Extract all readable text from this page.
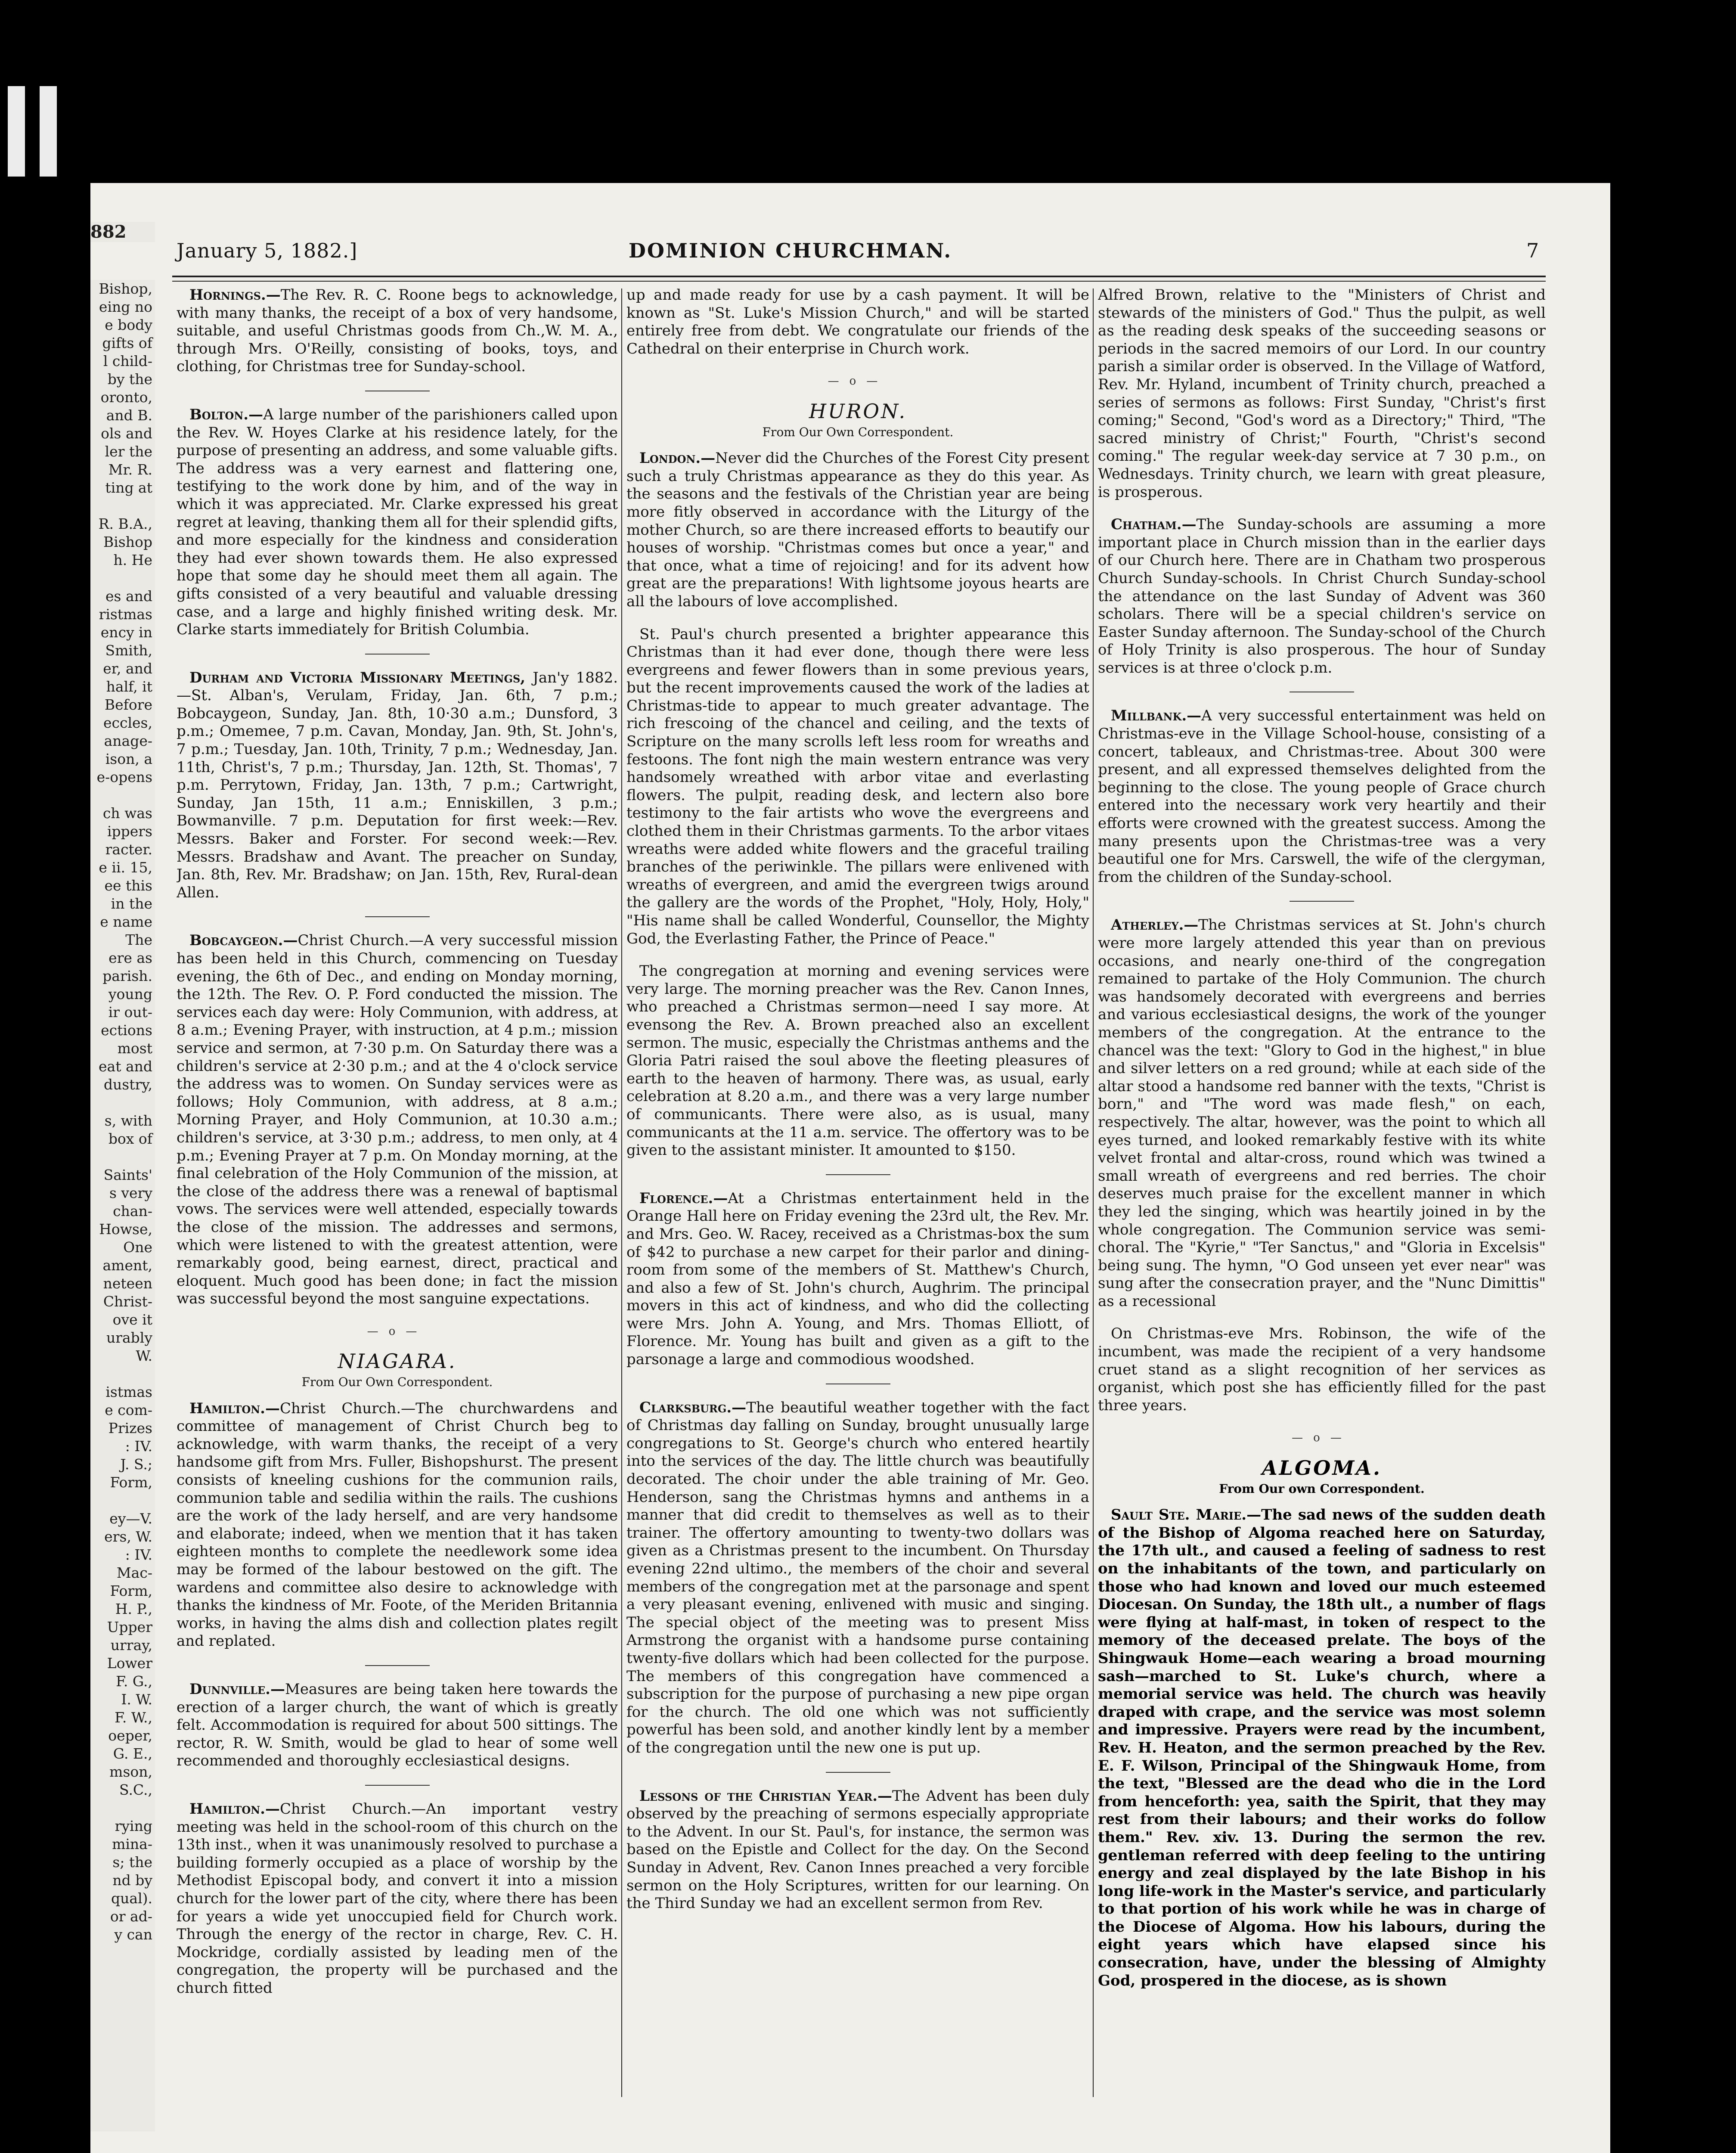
882
Bishop,
eing no
e body
gifts of
l child-
by the
oronto,
and B.
ols and
ler the
Mr. R.
ting at

R. B.A.,
Bishop
h. He

es and
ristmas
ency in
Smith,
er, and
half, it
Before
eccles,
anage-
ison, a
e-opens

ch was
ippers
racter.
e ii. 15,
ee this
in the
e name
The
ere as
parish.
young
ir out-
ections
most
eat and
dustry,

s, with
box of

Saints'
s very
chan-
Howse,
One
ament,
neteen
Christ-
ove it
urably
W.

istmas
e com-
Prizes
: IV.
J. S.;
Form,

ey—V.
ers, W.
: IV.
Mac-
Form,
H. P.,
Upper
urray,
Lower
F. G.,
I. W.
F. W.,
oeper,
G. E.,
mson,
S.C.,

rying
mina-
s; the
nd by
qual).
or ad-
y can
January 5, 1882.]	DOMINION CHURCHMAN.	7

Hornings.—The Rev. R. C. Roone begs to acknowledge, with many thanks, the receipt of a box of very handsome, suitable, and useful Christmas goods from Ch.,W. M. A., through Mrs. O'Reilly, consisting of books, toys, and clothing, for Christmas tree for Sunday-school.

Bolton.—A large number of the parishioners called upon the Rev. W. Hoyes Clarke at his residence lately, for the purpose of presenting an address, and some valuable gifts. The address was a very earnest and flattering one, testifying to the work done by him, and of the way in which it was appreciated. Mr. Clarke expressed his great regret at leaving, thanking them all for their splendid gifts, and more especially for the kindness and consideration they had ever shown towards them. He also expressed hope that some day he should meet them all again. The gifts consisted of a very beautiful and valuable dressing case, and a large and highly finished writing desk. Mr. Clarke starts immediately for British Columbia.

Durham and Victoria Missionary Meetings, Jan'y 1882.—St. Alban's, Verulam, Friday, Jan. 6th, 7 p.m.; Bobcaygeon, Sunday, Jan. 8th, 10·30 a.m.; Dunsford, 3 p.m.; Omemee, 7 p.m. Cavan, Monday, Jan. 9th, St. John's, 7 p.m.; Tuesday, Jan. 10th, Trinity, 7 p.m.; Wednesday, Jan. 11th, Christ's, 7 p.m.; Thursday, Jan. 12th, St. Thomas', 7 p.m. Perrytown, Friday, Jan. 13th, 7 p.m.; Cartwright, Sunday, Jan 15th, 11 a.m.; Enniskillen, 3 p.m.; Bowmanville. 7 p.m. Deputation for first week:—Rev. Messrs. Baker and Forster. For second week:—Rev. Messrs. Bradshaw and Avant. The preacher on Sunday, Jan. 8th, Rev. Mr. Bradshaw; on Jan. 15th, Rev, Rural-dean Allen.

Bobcaygeon.—Christ Church.—A very successful mission has been held in this Church, commencing on Tuesday evening, the 6th of Dec., and ending on Monday morning, the 12th. The Rev. O. P. Ford conducted the mission. The services each day were: Holy Communion, with address, at 8 a.m.; Evening Prayer, with instruction, at 4 p.m.; mission service and sermon, at 7·30 p.m. On Saturday there was a children's service at 2·30 p.m.; and at the 4 o'clock service the address was to women. On Sunday services were as follows; Holy Communion, with address, at 8 a.m.; Morning Prayer, and Holy Communion, at 10.30 a.m.; children's service, at 3·30 p.m.; address, to men only, at 4 p.m.; Evening Prayer at 7 p.m. On Monday morning, at the final celebration of the Holy Communion of the mission, at the close of the address there was a renewal of baptismal vows. The services were well attended, especially towards the close of the mission. The addresses and sermons, which were listened to with the greatest attention, were remarkably good, being earnest, direct, practical and eloquent. Much good has been done; in fact the mission was successful beyond the most sanguine expectations.

—o—
NIAGARA.
From Our Own Correspondent.

Hamilton.—Christ Church.—The churchwardens and committee of management of Christ Church beg to acknowledge, with warm thanks, the receipt of a very handsome gift from Mrs. Fuller, Bishopshurst. The present consists of kneeling cushions for the communion rails, communion table and sedilia within the rails. The cushions are the work of the lady herself, and are very handsome and elaborate; indeed, when we mention that it has taken eighteen months to complete the needlework some idea may be formed of the labour bestowed on the gift. The wardens and committee also desire to acknowledge with thanks the kindness of Mr. Foote, of the Meriden Britannia works, in having the alms dish and collection plates regilt and replated.

Dunnville.—Measures are being taken here towards the erection of a larger church, the want of which is greatly felt. Accommodation is required for about 500 sittings. The rector, R. W. Smith, would be glad to hear of some well recommended and thoroughly ecclesiastical designs.

Hamilton.—Christ Church.—An important vestry meeting was held in the school-room of this church on the 13th inst., when it was unanimously resolved to purchase a building formerly occupied as a place of worship by the Methodist Episcopal body, and convert it into a mission church for the lower part of the city, where there has been for years a wide yet unoccupied field for Church work. Through the energy of the rector in charge, Rev. C. H. Mockridge, cordially assisted by leading men of the congregation, the property will be purchased and the church fitted

up and made ready for use by a cash payment. It will be known as "St. Luke's Mission Church," and will be started entirely free from debt. We congratulate our friends of the Cathedral on their enterprise in Church work.

—o—
HURON.
From Our Own Correspondent.

London.—Never did the Churches of the Forest City present such a truly Christmas appearance as they do this year. As the seasons and the festivals of the Christian year are being more fitly observed in accordance with the Liturgy of the mother Church, so are there increased efforts to beautify our houses of worship. "Christmas comes but once a year," and that once, what a time of rejoicing! and for its advent how great are the preparations! With lightsome joyous hearts are all the labours of love accomplished.

St. Paul's church presented a brighter appearance this Christmas than it had ever done, though there were less evergreens and fewer flowers than in some previous years, but the recent improvements caused the work of the ladies at Christmas-tide to appear to much greater advantage. The rich frescoing of the chancel and ceiling, and the texts of Scripture on the many scrolls left less room for wreaths and festoons. The font nigh the main western entrance was very handsomely wreathed with arbor vitae and everlasting flowers. The pulpit, reading desk, and lectern also bore testimony to the fair artists who wove the evergreens and clothed them in their Christmas garments. To the arbor vitaes wreaths were added white flowers and the graceful trailing branches of the periwinkle. The pillars were enlivened with wreaths of evergreen, and amid the evergreen twigs around the gallery are the words of the Prophet, "Holy, Holy, Holy," "His name shall be called Wonderful, Counsellor, the Mighty God, the Everlasting Father, the Prince of Peace."

The congregation at morning and evening services were very large. The morning preacher was the Rev. Canon Innes, who preached a Christmas sermon—need I say more. At evensong the Rev. A. Brown preached also an excellent sermon. The music, especially the Christmas anthems and the Gloria Patri raised the soul above the fleeting pleasures of earth to the heaven of harmony. There was, as usual, early celebration at 8.20 a.m., and there was a very large number of communicants. There were also, as is usual, many communicants at the 11 a.m. service. The offertory was to be given to the assistant minister. It amounted to $150.

Florence.—At a Christmas entertainment held in the Orange Hall here on Friday evening the 23rd ult, the Rev. Mr. and Mrs. Geo. W. Racey, received as a Christmas-box the sum of $42 to purchase a new carpet for their parlor and dining-room from some of the members of St. Matthew's Church, and also a few of St. John's church, Aughrim. The principal movers in this act of kindness, and who did the collecting were Mrs. John A. Young, and Mrs. Thomas Elliott, of Florence. Mr. Young has built and given as a gift to the parsonage a large and commodious woodshed.

Clarksburg.—The beautiful weather together with the fact of Christmas day falling on Sunday, brought unusually large congregations to St. George's church who entered heartily into the services of the day. The little church was beautifully decorated. The choir under the able training of Mr. Geo. Henderson, sang the Christmas hymns and anthems in a manner that did credit to themselves as well as to their trainer. The offertory amounting to twenty-two dollars was given as a Christmas present to the incumbent. On Thursday evening 22nd ultimo., the members of the choir and several members of the congregation met at the parsonage and spent a very pleasant evening, enlivened with music and singing. The special object of the meeting was to present Miss Armstrong the organist with a handsome purse containing twenty-five dollars which had been collected for the purpose. The members of this congregation have commenced a subscription for the purpose of purchasing a new pipe organ for the church. The old one which was not sufficiently powerful has been sold, and another kindly lent by a member of the congregation until the new one is put up.

Lessons of the Christian Year.—The Advent has been duly observed by the preaching of sermons especially appropriate to the Advent. In our St. Paul's, for instance, the sermon was based on the Epistle and Collect for the day. On the Second Sunday in Advent, Rev. Canon Innes preached a very forcible sermon on the Holy Scriptures, written for our learning. On the Third Sunday we had an excellent sermon from Rev.

Alfred Brown, relative to the "Ministers of Christ and stewards of the ministers of God." Thus the pulpit, as well as the reading desk speaks of the succeeding seasons or periods in the sacred memoirs of our Lord. In our country parish a similar order is observed. In the Village of Watford, Rev. Mr. Hyland, incumbent of Trinity church, preached a series of sermons as follows: First Sunday, "Christ's first coming;" Second, "God's word as a Directory;" Third, "The sacred ministry of Christ;" Fourth, "Christ's second coming." The regular week-day service at 7 30 p.m., on Wednesdays. Trinity church, we learn with great pleasure, is prosperous.

Chatham.—The Sunday-schools are assuming a more important place in Church mission than in the earlier days of our Church here. There are in Chatham two prosperous Church Sunday-schools. In Christ Church Sunday-school the attendance on the last Sunday of Advent was 360 scholars. There will be a special children's service on Easter Sunday afternoon. The Sunday-school of the Church of Holy Trinity is also prosperous. The hour of Sunday services is at three o'clock p.m.

Millbank.—A very successful entertainment was held on Christmas-eve in the Village School-house, consisting of a concert, tableaux, and Christmas-tree. About 300 were present, and all expressed themselves delighted from the beginning to the close. The young people of Grace church entered into the necessary work very heartily and their efforts were crowned with the greatest success. Among the many presents upon the Christmas-tree was a very beautiful one for Mrs. Carswell, the wife of the clergyman, from the children of the Sunday-school.

Atherley.—The Christmas services at St. John's church were more largely attended this year than on previous occasions, and nearly one-third of the congregation remained to partake of the Holy Communion. The church was handsomely decorated with evergreens and berries and various ecclesiastical designs, the work of the younger members of the congregation. At the entrance to the chancel was the text: "Glory to God in the highest," in blue and silver letters on a red ground; while at each side of the altar stood a handsome red banner with the texts, "Christ is born," and "The word was made flesh," on each, respectively. The altar, however, was the point to which all eyes turned, and looked remarkably festive with its white velvet frontal and altar-cross, round which was twined a small wreath of evergreens and red berries. The choir deserves much praise for the excellent manner in which they led the singing, which was heartily joined in by the whole congregation. The Communion service was semi-choral. The "Kyrie," "Ter Sanctus," and "Gloria in Excelsis" being sung. The hymn, "O God unseen yet ever near" was sung after the consecration prayer, and the "Nunc Dimittis" as a recessional

On Christmas-eve Mrs. Robinson, the wife of the incumbent, was made the recipient of a very handsome cruet stand as a slight recognition of her services as organist, which post she has efficiently filled for the past three years.

—o—
ALGOMA.
From Our own Correspondent.

Sault Ste. Marie.—The sad news of the sudden death of the Bishop of Algoma reached here on Saturday, the 17th ult., and caused a feeling of sadness to rest on the inhabitants of the town, and particularly on those who had known and loved our much esteemed Diocesan. On Sunday, the 18th ult., a number of flags were flying at half-mast, in token of respect to the memory of the deceased prelate. The boys of the Shingwauk Home—each wearing a broad mourning sash—marched to St. Luke's church, where a memorial service was held. The church was heavily draped with crape, and the service was most solemn and impressive. Prayers were read by the incumbent, Rev. H. Heaton, and the sermon preached by the Rev. E. F. Wilson, Principal of the Shingwauk Home, from the text, "Blessed are the dead who die in the Lord from henceforth: yea, saith the Spirit, that they may rest from their labours; and their works do follow them." Rev. xiv. 13. During the sermon the rev. gentleman referred with deep feeling to the untiring energy and zeal displayed by the late Bishop in his long life-work in the Master's service, and particularly to that portion of his work while he was in charge of the Diocese of Algoma. How his labours, during the eight years which have elapsed since his consecration, have, under the blessing of Almighty God, prospered in the diocese, as is shown
